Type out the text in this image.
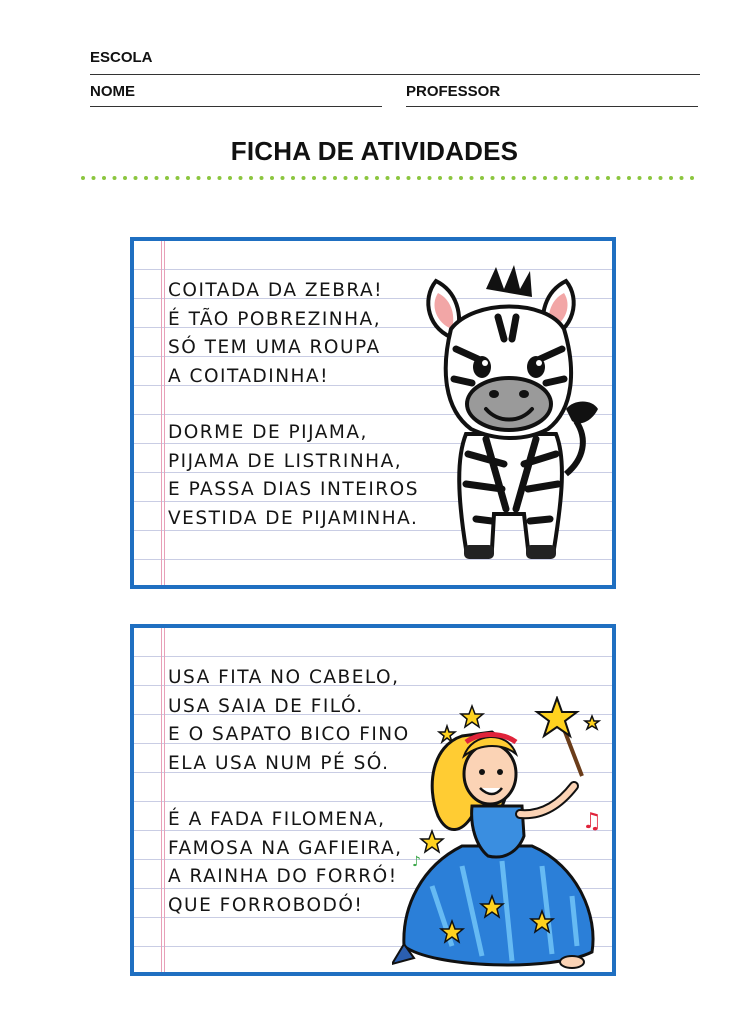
ESCOLA
NOME	PROFESSOR
FICHA DE ATIVIDADES
COITADA DA ZEBRA!
É TÃO POBREZINHA,
SÓ TEM UMA ROUPA
A COITADINHA!
DORME DE PIJAMA,
PIJAMA DE LISTRINHA,
E PASSA DIAS INTEIROS
VESTIDA DE PIJAMINHA.
USA FITA NO CABELO,
USA SAIA DE FILÓ.
E O SAPATO BICO FINO
ELA USA NUM PÉ SÓ.
É A FADA FILOMENA,
FAMOSA NA GAFIEIRA,
A RAINHA DO FORRÓ!
QUE FORROBODÓ!
♫
♪
